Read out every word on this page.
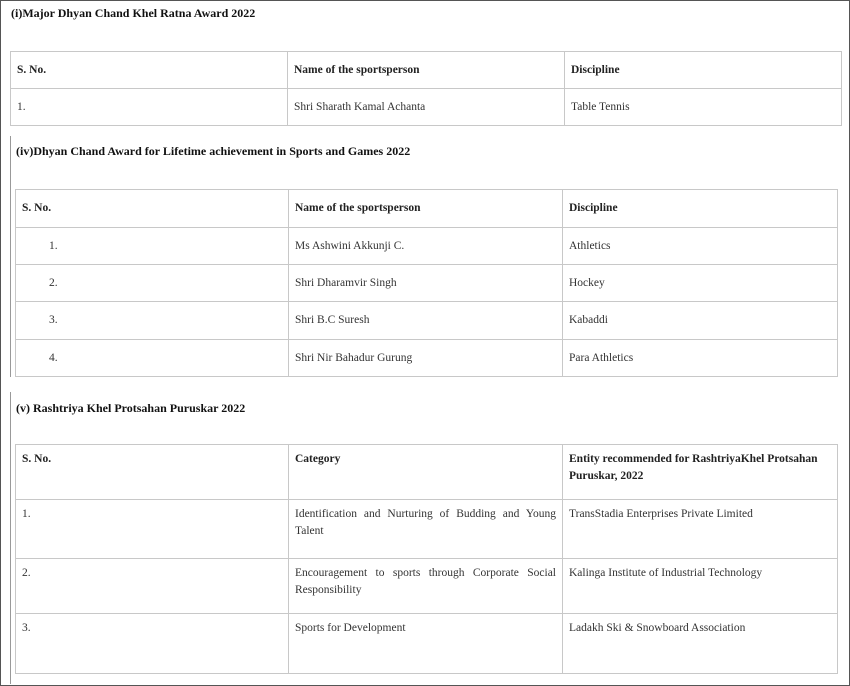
(i)Major Dhyan Chand Khel Ratna Award 2022
S. No.	Name of the sportsperson	Discipline
1.	Shri Sharath Kamal Achanta	Table Tennis
(iv)Dhyan Chand Award for Lifetime achievement in Sports and Games 2022
S. No.	Name of the sportsperson	Discipline
1.	Ms Ashwini Akkunji C.	Athletics
2.	Shri Dharamvir Singh	Hockey
3.	Shri B.C Suresh	Kabaddi
4.	Shri Nir Bahadur Gurung	Para Athletics
(v) Rashtriya Khel Protsahan Puruskar 2022
S. No.	Category	Entity recommended for RashtriyaKhel Protsahan Puruskar, 2022
1.	Identification and Nurturing of Budding and Young Talent	TransStadia Enterprises Private Limited
2.	Encouragement to sports through Corporate Social Responsibility	Kalinga Institute of Industrial Technology
3.	Sports for Development	Ladakh Ski & Snowboard Association
